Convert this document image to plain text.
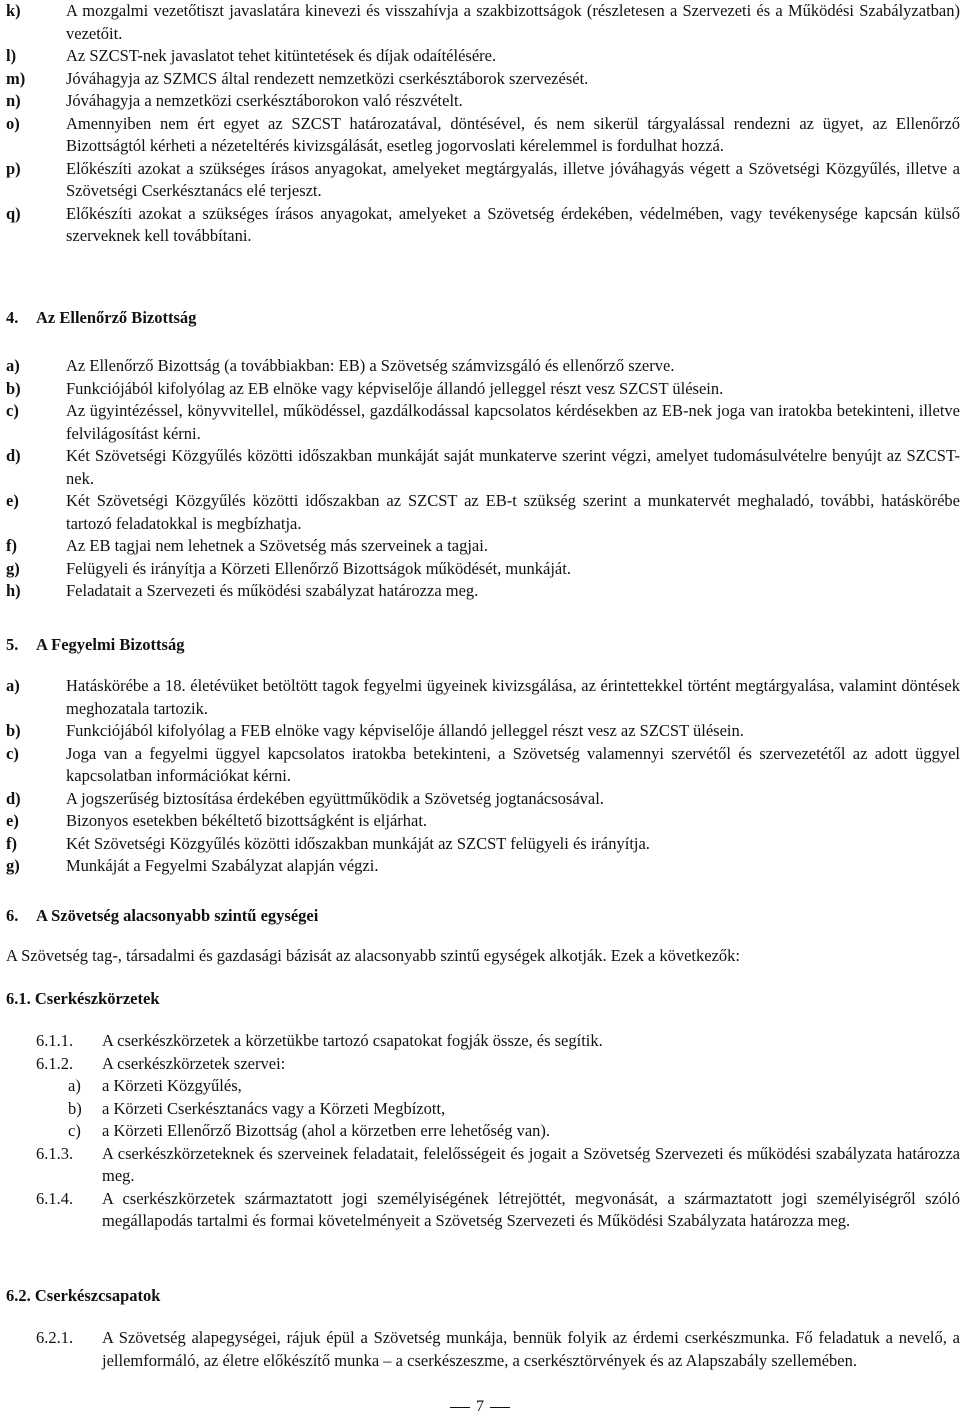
k)	A mozgalmi vezetőtiszt javaslatára kinevezi és visszahívja a szakbizottságok (részletesen a Szervezeti és a Működési Szabályzatban) vezetőit.
l)	Az SZCST-nek javaslatot tehet kitüntetések és díjak odaítélésére.
m) Jóváhagyja az SZMCS által rendezett nemzetközi cserkésztáborok szervezését.
n)	Jóváhagyja a nemzetközi cserkésztáborokon való részvételt.
o)	Amennyiben nem ért egyet az SZCST határozatával, döntésével, és nem sikerül tárgyalással rendezni az ügyet, az Ellenőrző Bizottságtól kérheti a nézeteltérés kivizsgálását, esetleg jogorvoslati kérelemmel is fordulhat hozzá.
p)	Előkészíti azokat a szükséges írásos anyagokat, amelyeket megtárgyalás, illetve jóváhagyás végett a Szövetségi Közgyűlés, illetve a Szövetségi Cserkésztanács elé terjeszt.
q)	Előkészíti azokat a szükséges írásos anyagokat, amelyeket a Szövetség érdekében, védelmében, vagy tevékenysége kapcsán külső szerveknek kell továbbítani.
4. Az Ellenőrző Bizottság
a)	Az Ellenőrző Bizottság (a továbbiakban: EB) a Szövetség számvizsgáló és ellenőrző szerve.
b)	Funkciójából kifolyólag az EB elnöke vagy képviselője állandó jelleggel részt vesz SZCST ülésein.
c)	Az ügyintézéssel, könyvvitellel, működéssel, gazdálkodással kapcsolatos kérdésekben az EB-nek joga van iratokba betekinteni, illetve felvilágosítást kérni.
d)	Két Szövetségi Közgyűlés közötti időszakban munkáját saját munkaterve szerint végzi, amelyet tudomásulvételre benyújt az SZCST-nek.
e)	Két Szövetségi Közgyűlés közötti időszakban az SZCST az EB-t szükség szerint a munkatervét meghaladó, további, hatáskörébe tartozó feladatokkal is megbízhatja.
f)	Az EB tagjai nem lehetnek a Szövetség más szerveinek a tagjai.
g)	Felügyeli és irányítja a Körzeti Ellenőrző Bizottságok működését, munkáját.
h)	Feladatait a Szervezeti és működési szabályzat határozza meg.
5. A Fegyelmi Bizottság
a)	Hatáskörébe a 18. életévüket betöltött tagok fegyelmi ügyeinek kivizsgálása, az érintettekkel történt megtárgyalása, valamint döntések meghozatala tartozik.
b)	Funkciójából kifolyólag a FEB elnöke vagy képviselője állandó jelleggel részt vesz az SZCST ülésein.
c)	Joga van a fegyelmi üggyel kapcsolatos iratokba betekinteni, a Szövetség valamennyi szervétől és szervezetétől az adott üggyel kapcsolatban információkat kérni.
d)	A jogszerűség biztosítása érdekében együttműködik a Szövetség jogtanácsosával.
e)	Bizonyos esetekben békéltető bizottságként is eljárhat.
f)	Két Szövetségi Közgyűlés közötti időszakban munkáját az SZCST felügyeli és irányítja.
g)	Munkáját a Fegyelmi Szabályzat alapján végzi.
6. A Szövetség alacsonyabb szintű egységei
A Szövetség tag-, társadalmi és gazdasági bázisát az alacsonyabb szintű egységek alkotják. Ezek a következők:
6.1. Cserkészkörzetek
6.1.1. A cserkészkörzetek a körzetükbe tartozó csapatokat fogják össze, és segítik.
6.1.2. A cserkészkörzetek szervei:
a) a Körzeti Közgyűlés,
b) a Körzeti Cserkésztanács vagy a Körzeti Megbízott,
c) a Körzeti Ellenőrző Bizottság (ahol a körzetben erre lehetőség van).
6.1.3. A cserkészkörzeteknek és szerveinek feladatait, felelősségeit és jogait a Szövetség Szervezeti és működési szabályzata határozza meg.
6.1.4. A cserkészkörzetek származtatott jogi személyiségének létrejöttét, megvonását, a származtatott jogi személyiségről szóló megállapodás tartalmi és formai követelményeit a Szövetség Szervezeti és Működési Szabályzata határozza meg.
6.2. Cserkészcsapatok
6.2.1. A Szövetség alapegységei, rájuk épül a Szövetség munkája, bennük folyik az érdemi cserkészmunka. Fő feladatuk a nevelő, a jellemformáló, az életre előkészítő munka – a cserkészeszme, a cserkésztörvények és az Alapszabály szellemében.
7
